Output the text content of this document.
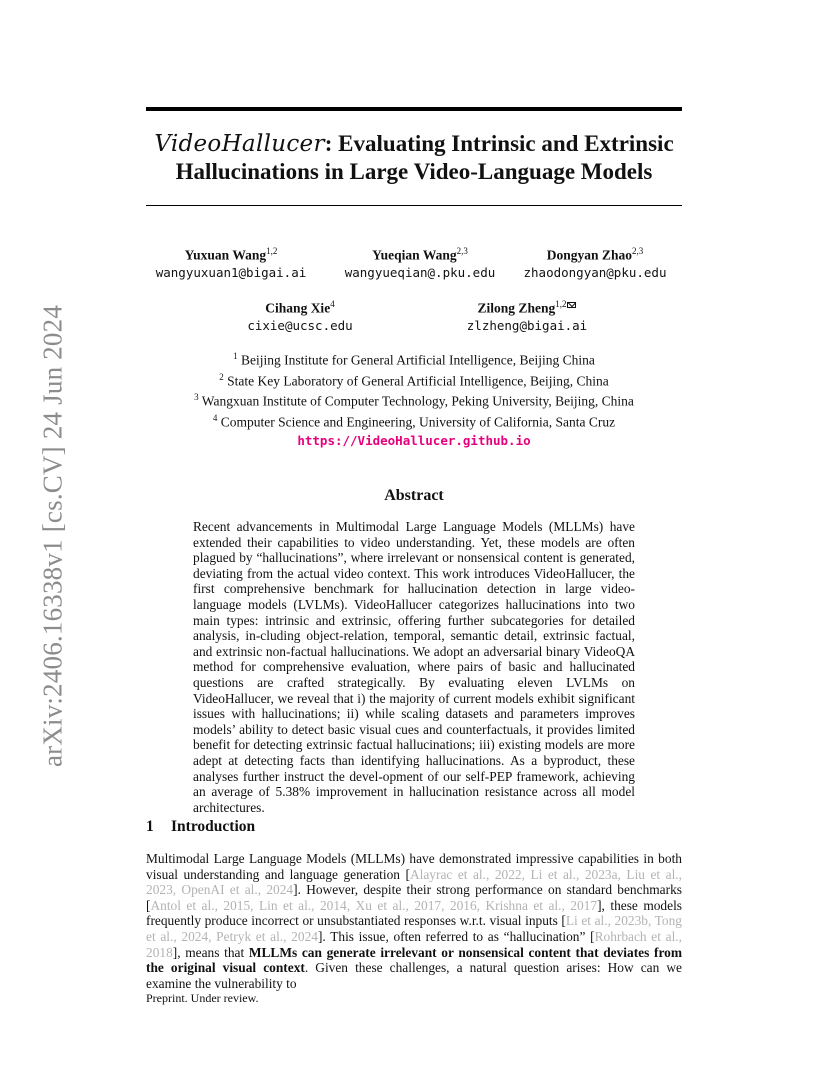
arXiv:2406.16338v1 [cs.CV] 24 Jun 2024
VideoHallucer: Evaluating Intrinsic and Extrinsic
Hallucinations in Large Video-Language Models
Yuxuan Wang$^{1,2}$
wangyuxuan1@bigai.ai
Yueqian Wang$^{2,3}$
wangyueqian@.pku.edu
Dongyan Zhao$^{2,3}$
zhaodongyan@pku.edu
Cihang Xie$^4$
cixie@ucsc.edu
Zilong Zheng$^{1,2}$
zlzheng@bigai.ai
$^1$ Beijing Institute for General Artificial Intelligence, Beijing China
$^2$ State Key Laboratory of General Artificial Intelligence, Beijing, China
$^3$ Wangxuan Institute of Computer Technology, Peking University, Beijing, China
$^4$ Computer Science and Engineering, University of California, Santa Cruz
https://VideoHallucer.github.io
Abstract
Recent advancements in Multimodal Large Language Models (MLLMs) have extended their capabilities to video understanding. Yet, these models are often plagued by “hallucinations”, where irrelevant or nonsensical content is generated, deviating from the actual video context. This work introduces VideoHallucer, the first comprehensive benchmark for hallucination detection in large video-language models (LVLMs). VideoHallucer categorizes hallucinations into two main types: intrinsic and extrinsic, offering further subcategories for detailed analysis, in-cluding object-relation, temporal, semantic detail, extrinsic factual, and extrinsic non-factual hallucinations. We adopt an adversarial binary VideoQA method for comprehensive evaluation, where pairs of basic and hallucinated questions are crafted strategically. By evaluating eleven LVLMs on VideoHallucer, we reveal that i) the majority of current models exhibit significant issues with hallucinations; ii) while scaling datasets and parameters improves models’ ability to detect basic visual cues and counterfactuals, it provides limited benefit for detecting extrinsic factual hallucinations; iii) existing models are more adept at detecting facts than identifying hallucinations. As a byproduct, these analyses further instruct the devel-opment of our self-PEP framework, achieving an average of 5.38% improvement in hallucination resistance across all model architectures.
1 Introduction
Multimodal Large Language Models (MLLMs) have demonstrated impressive capabilities in both visual understanding and language generation [Alayrac et al., 2022, Li et al., 2023a, Liu et al., 2023, OpenAI et al., 2024]. However, despite their strong performance on standard benchmarks [Antol et al., 2015, Lin et al., 2014, Xu et al., 2017, 2016, Krishna et al., 2017], these models frequently produce incorrect or unsubstantiated responses w.r.t. visual inputs [Li et al., 2023b, Tong et al., 2024, Petryk et al., 2024]. This issue, often referred to as “hallucination” [Rohrbach et al., 2018], means that MLLMs can generate irrelevant or nonsensical content that deviates from the original visual context. Given these challenges, a natural question arises: How can we examine the vulnerability to
Preprint. Under review.
